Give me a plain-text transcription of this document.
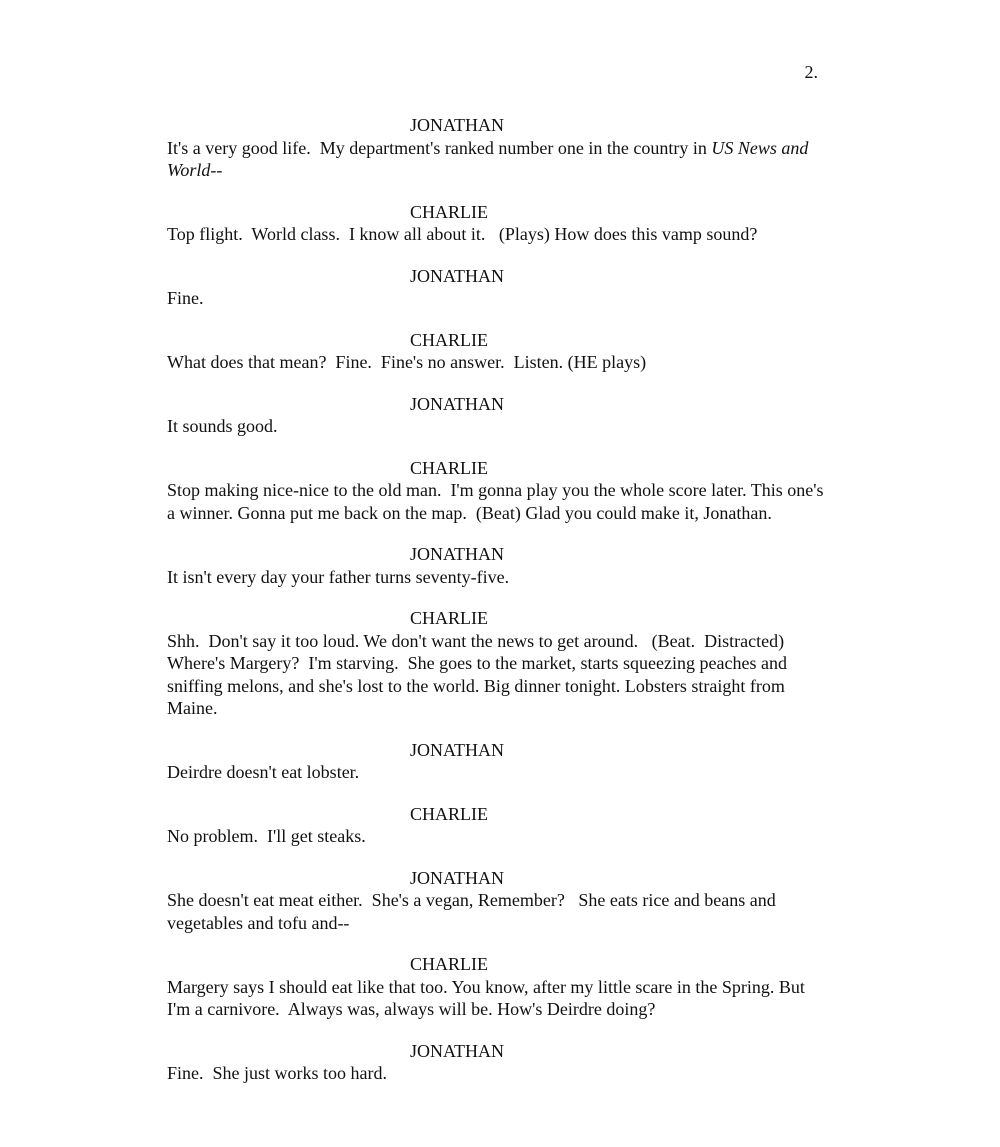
2.
JONATHAN
It's a very good life.  My department's ranked number one in the country in US News and World--
CHARLIE
Top flight.  World class.  I know all about it.   (Plays) How does this vamp sound?
JONATHAN
Fine.
CHARLIE
What does that mean?  Fine.  Fine's no answer.  Listen. (HE plays)
JONATHAN
It sounds good.
CHARLIE
Stop making nice-nice to the old man.  I'm gonna play you the whole score later. This one's a winner. Gonna put me back on the map.  (Beat) Glad you could make it, Jonathan.
JONATHAN
It isn't every day your father turns seventy-five.
CHARLIE
Shh.  Don't say it too loud. We don't want the news to get around.   (Beat.  Distracted) Where's Margery?  I'm starving.  She goes to the market, starts squeezing peaches and sniffing melons, and she's lost to the world. Big dinner tonight. Lobsters straight from Maine.
JONATHAN
Deirdre doesn't eat lobster.
CHARLIE
No problem.  I'll get steaks.
JONATHAN
She doesn't eat meat either.  She's a vegan, Remember?   She eats rice and beans and vegetables and tofu and--
CHARLIE
Margery says I should eat like that too. You know, after my little scare in the Spring. But I'm a carnivore.  Always was, always will be. How's Deirdre doing?
JONATHAN
Fine.  She just works too hard.
